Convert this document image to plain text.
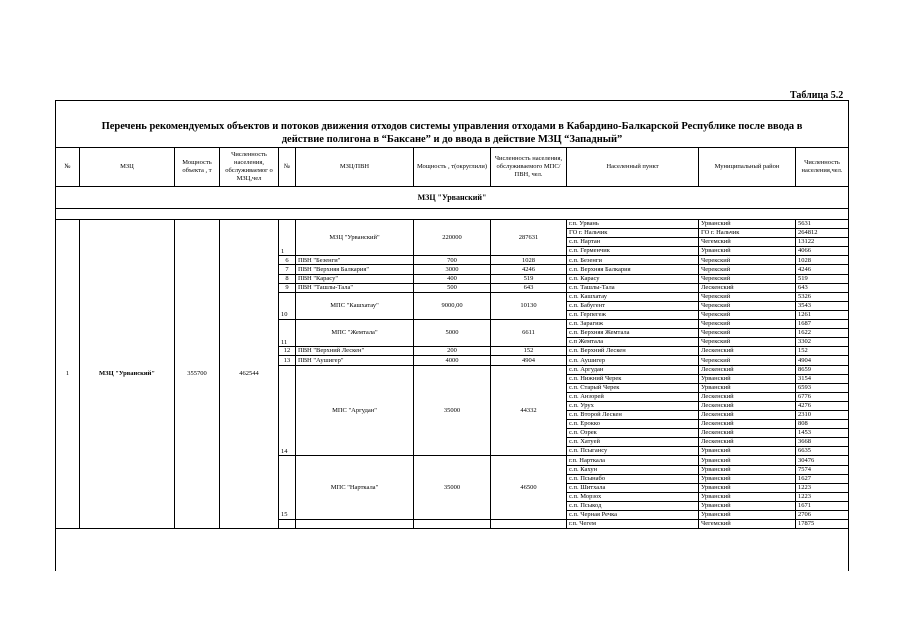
Таблица 5.2
Перечень рекомендуемых объектов и потоков движения отходов системы управления отходами в Кабардино-Балкарской Республике после ввода в
действие полигона в “Баксане” и до ввода в действие МЗЦ “Западный”
№	МЗЦ	Мощность объекта , т	Численность населения, обслуживаемог о МЗЦ,чел	№	МЗЦ/ПВН	Мощность , т(округлили)	Численность населения, обслуживаемого МПС/ПВН, чел.	Населенный пункт	Муниципальный район	Численность населения,чел.
МЗЦ "Урванский"										

1	МЗЦ "Урванский"	355700	462544	1	МЗЦ "Урванский"	220000	287631	г.п. Урвань	Урванский	5631
								ГО г. Нальчик	ГО г. Нальчик	264812
								с.п. Нартан	Чегемский	13122
								с.п. Герменчик	Урванский	4066
				6	ПВН "Безенги"	700	1028	с.п. Безенги	Черекский	1028
				7	ПВН "Верхняя Балкария"	3000	4246	с.п. Верхняя Балкария	Черекский	4246
				8	ПВН "Карасу"	400	519	с.п. Карасу	Черекский	519
				9	ПВН "Ташлы-Тала"	500	643	с.п. Ташлы-Тала	Лескенский	643
				10	МПС "Кашхатау"	9000,00	10130	с.п. Кашхатау	Черекский	5326
								с.п. Бабугент	Черекский	3543
								с.п. Герпегеж	Черекский	1261
				11	МПС "Жемтала"	5000	6611	с.п. Зарагиж	Черекский	1687
								с.п. Верхняя Жемтала	Черекский	1622
								с.п Жемтала	Черекский	3302
				12	ПВН "Верхний Лескен"	200	152	с.п. Верхний Лескен	Лескенский	152
				13	ПВН "Аушигер"	4000	4904	с.п. Аушигер	Черекский	4904
				14	МПС "Аргудан"	35000	44332	с.п. Аргудан	Лескенский	8659
								с.п. Нижний Черек	Урванский	3154
								с.п. Старый Черек	Урванский	6593
								с.п. Анзорей	Лескенский	6776
								с.п. Урух	Лескенский	4276
								с.п. Второй Лескен	Лескенский	2310
								с.п. Ерокко	Лескенский	808
								с.п. Озрек	Лескенский	1453
								с.п. Хатуей	Лескенский	3668
								с.п. Псыгансу	Урванский	6635
				15	МПС "Нарткала"	35000	46500	г.п. Нарткала	Урванский	30476
								с.п. Кахун	Урванский	7574
								с.п. Псынабо	Урванский	1627
								с.п. Шитхала	Урванский	1223
								с.п. Морзох	Урванский	1223
								с.п. Псыкод	Урванский	1671
								с.п. Черная Речка	Урванский	2706
								г.п. Чегем	Чегемский	17875
